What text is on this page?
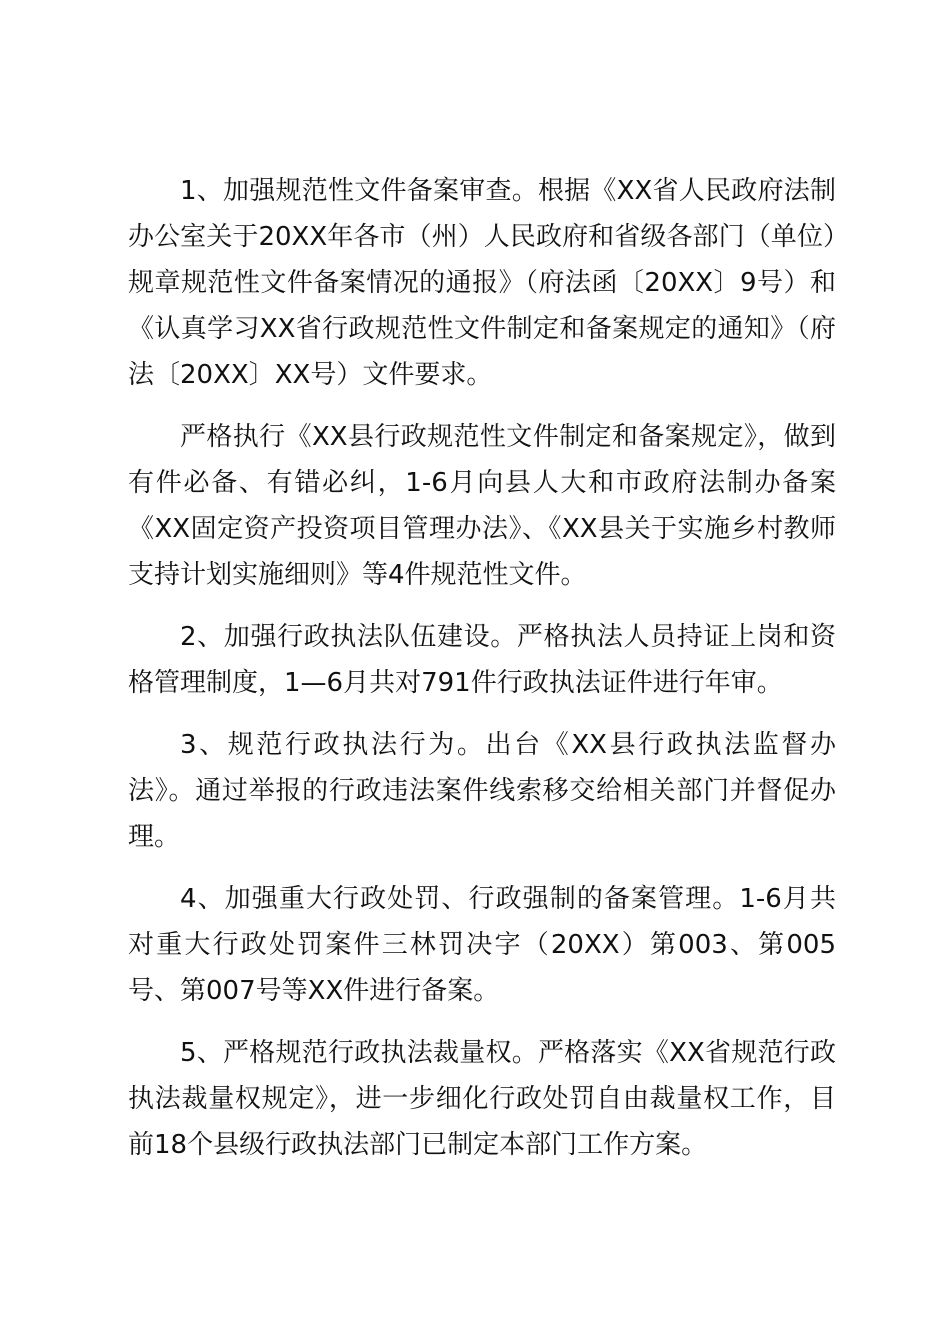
1、加强规范性文件备案审查。根据《XX省人民政府法制办公室关于20XX年各市（州）人民政府和省级各部门（单位）规章规范性文件备案情况的通报》（府法函〔20XX〕9号）和《认真学习XX省行政规范性文件制定和备案规定的通知》（府法〔20XX〕XX号）文件要求。

严格执行《XX县行政规范性文件制定和备案规定》，做到有件必备、有错必纠，1-6月向县人大和市政府法制办备案《XX固定资产投资项目管理办法》、《XX县关于实施乡村教师支持计划实施细则》等4件规范性文件。

2、加强行政执法队伍建设。严格执法人员持证上岗和资格管理制度，1—6月共对791件行政执法证件进行年审。

3、规范行政执法行为。出台《XX县行政执法监督办法》。通过举报的行政违法案件线索移交给相关部门并督促办理。

4、加强重大行政处罚、行政强制的备案管理。1-6月共对重大行政处罚案件三林罚决字（20XX）第003、第005号、第007号等XX件进行备案。

5、严格规范行政执法裁量权。严格落实《XX省规范行政执法裁量权规定》，进一步细化行政处罚自由裁量权工作，目前18个县级行政执法部门已制定本部门工作方案。
